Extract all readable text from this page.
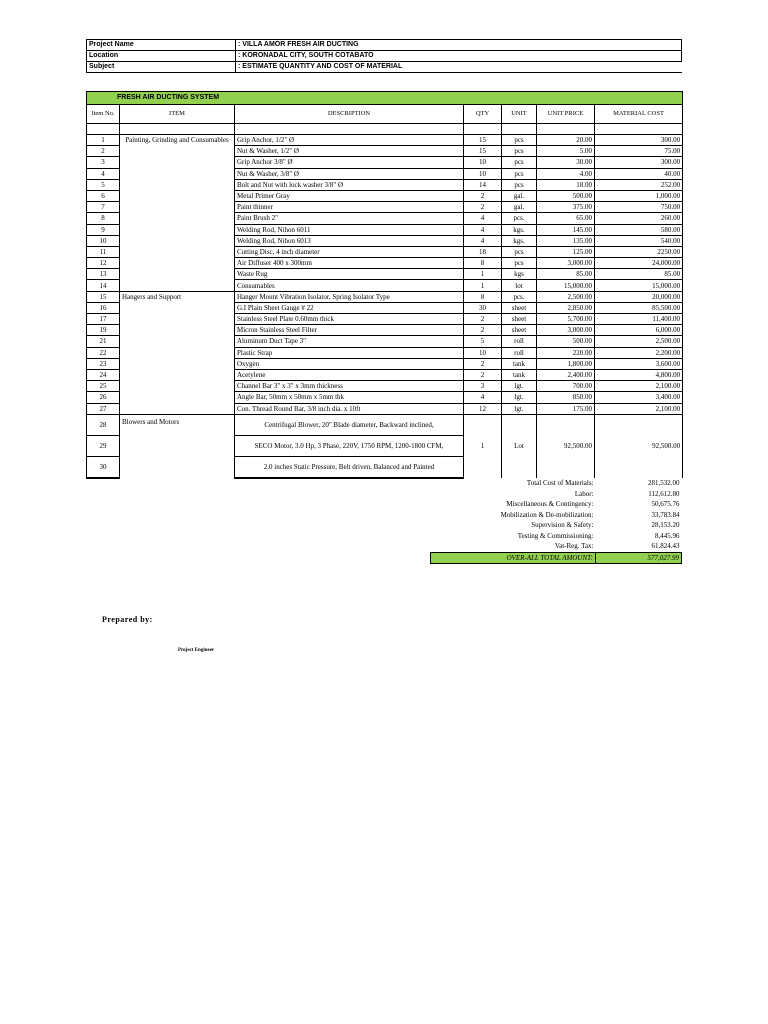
Project Name	: VILLA AMOR FRESH AIR DUCTING
Location	: KORONADAL CITY, SOUTH COTABATO
Subject	: ESTIMATE QUANTITY AND COST OF MATERIAL
FRESH AIR DUCTING SYSTEM						
Item No.	ITEM	DESCRIPTION	QTY	UNIT	UNIT PRICE	MATERIAL COST

1	Painting, Grinding and Consumables	Grip Anchor, 1/2" Ø	15	pcs	20.00	300.00
2		Nut & Washer, 1/2" Ø	15	pcs	5.00	75.00
3		Grip Anchor 3/8" Ø	10	pcs	30.00	300.00
4		Nut & Washer, 3/8" Ø	10	pcs	4.00	40.00
5		Bolt and Nut with lock washer 3/8" Ø	14	pcs	18.00	252.00
6		Metal Primer Gray	2	gal.	500.00	1,000.00
7		Paint thinner	2	gal.	375.00	750.00
8		Paint Brush 2"	4	pcs.	65.00	260.00
9		Welding Rod, Nihon 6011	4	kgs.	145.00	580.00
10		Welding Rod, Nihon 6013	4	kgs.	135.00	540.00
11		Cutting Disc, 4 inch diameter	18	pcs	125.00	2250.00
12		Air Diffuser 400 x 300mm	8	pcs	3,000.00	24,000.00
13		Waste Rug	1	kgs	85.00	85.00
14		Consumables	1	lot	15,000.00	15,000.00
15	Hangers and Support	Hanger Mount Vibration Isolator, Spring Isolator Type	8	pcs.	2,500.00	20,000.00
16		G.I Plain Sheet Gauge # 22	30	sheet	2,850.00	85,500.00
17		Stainless Steel Plate 0.60mm thick	2	sheet	5,700.00	11,400.00
19		Micron Stainless Steel Filter	2	sheet	3,000.00	6,000.00
21		Aluminum Duct Tape 3"	5	roll	500.00	2,500.00
22		Plastic Strap	10	roll	220.00	2,200.00
23		Oxygen	2	tank	1,800.00	3,600.00
24		Acetylene	2	tank	2,400.00	4,800.00
25		Channel Bar 3" x 3" x 3mm thickness	3	lgt.	700.00	2,100.00
26		Angle Bar, 50mm x 50mm x 5mm thk	4	lgt.	850.00	3,400.00
27		Con. Thread Round Bar, 3/8 inch dia. x 10ft	12	lgt.	175.00	2,100.00
28	Blowers and Motors	Centrifugal Blower, 20" Blade diameter, Backward inclined,	1	Lot	92,500.00	92,500.00
29		SECO Motor, 3.0 Hp, 3 Phase, 220V, 1750 RPM, 1200-1800 CFM,				
30		2.0 inches Static Pressure, Belt driven, Balanced and Painted				
Total Cost of Materials:	281,532.00
Labor:	112,612.80
Miscellaneous & Contingency:	50,675.76
Mobilization & De-mobilization:	33,783.84
Supervision & Safety:	28,153.20
Testing & Commissioning:	8,445.96
Vat-Reg. Tax:	61,824.43
OVER-ALL TOTAL AMOUNT:	577,027.99
Prepared by:
Project Engineer
